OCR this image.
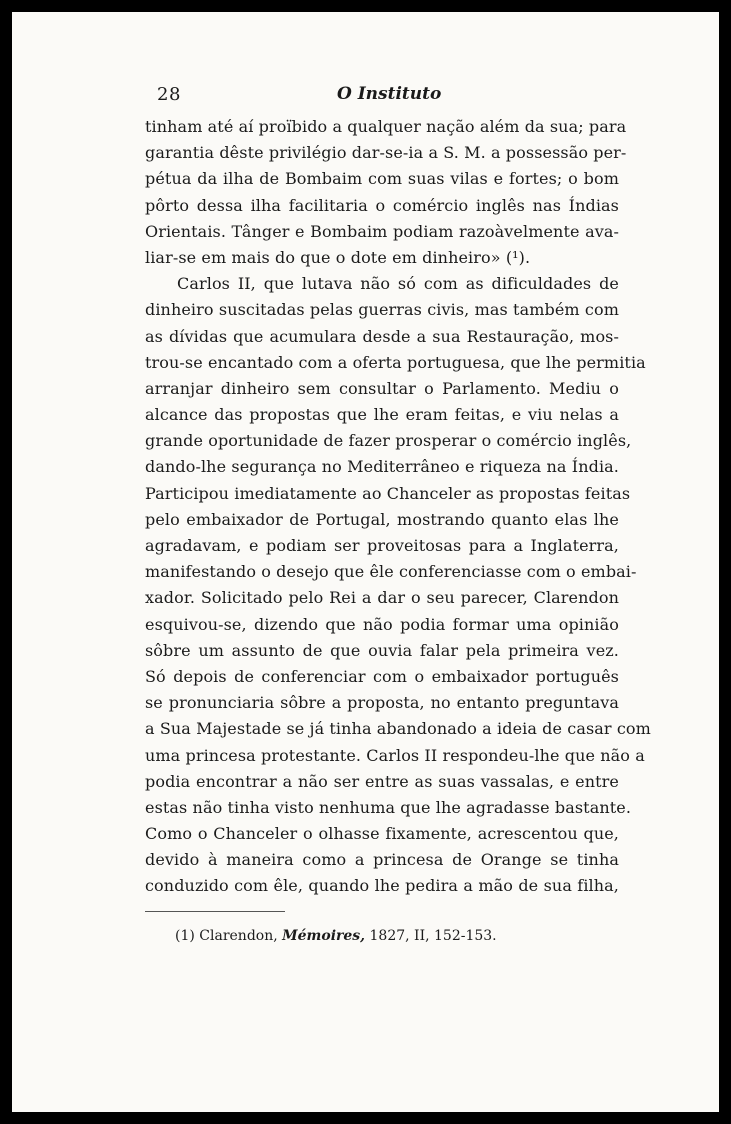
28	O Instituto
tinham até aí proïbido a qualquer nação além da sua; para
garantia dêste privilégio dar-se-ia a S. M. a possessão per-
pétua da ilha de Bombaim com suas vilas e fortes; o bom
pôrto dessa ilha facilitaria o comércio inglês nas Índias
Orientais. Tânger e Bombaim podiam razoàvelmente ava-
liar-se em mais do que o dote em dinheiro» (¹).
Carlos II, que lutava não só com as dificuldades de
dinheiro suscitadas pelas guerras civis, mas também com
as dívidas que acumulara desde a sua Restauração, mos-
trou-se encantado com a oferta portuguesa, que lhe permitia
arranjar dinheiro sem consultar o Parlamento. Mediu o
alcance das propostas que lhe eram feitas, e viu nelas a
grande oportunidade de fazer prosperar o comércio inglês,
dando-lhe segurança no Mediterrâneo e riqueza na Índia.
Participou imediatamente ao Chanceler as propostas feitas
pelo embaixador de Portugal, mostrando quanto elas lhe
agradavam, e podiam ser proveitosas para a Inglaterra,
manifestando o desejo que êle conferenciasse com o embai-
xador. Solicitado pelo Rei a dar o seu parecer, Clarendon
esquivou-se, dizendo que não podia formar uma opinião
sôbre um assunto de que ouvia falar pela primeira vez.
Só depois de conferenciar com o embaixador português
se pronunciaria sôbre a proposta, no entanto preguntava
a Sua Majestade se já tinha abandonado a ideia de casar com
uma princesa protestante. Carlos II respondeu-lhe que não a
podia encontrar a não ser entre as suas vassalas, e entre
estas não tinha visto nenhuma que lhe agradasse bastante.
Como o Chanceler o olhasse fixamente, acrescentou que,
devido à maneira como a princesa de Orange se tinha
conduzido com êle, quando lhe pedira a mão de sua filha,
(1) Clarendon, Mémoires, 1827, II, 152-153.
